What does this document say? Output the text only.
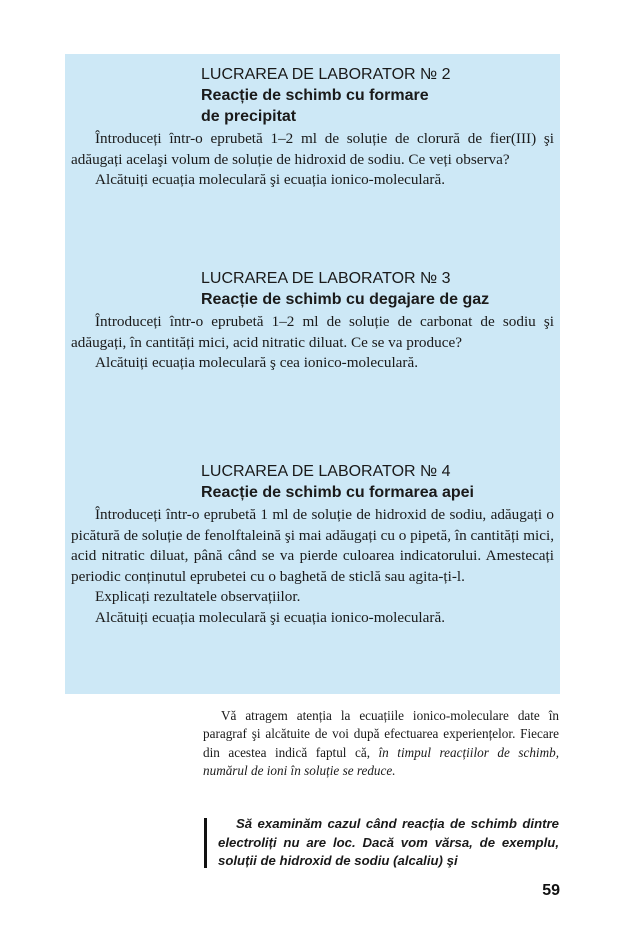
LUCRAREA DE LABORATOR № 2
Reacție de schimb cu formare
de precipitat

Întroduceți într-o eprubetă 1–2 ml de soluție de clorură de fier(III) şi adăugați acelaşi volum de soluție de hidroxid de sodiu. Ce veți observa?

Alcătuiți ecuația moleculară şi ecuația ionico-moleculară.

LUCRAREA DE LABORATOR № 3
Reacție de schimb cu degajare de gaz

Întroduceți într-o eprubetă 1–2 ml de soluție de carbonat de sodiu şi adăugați, în cantități mici, acid nitratic diluat. Ce se va produce?

Alcătuiți ecuația moleculară ş cea ionico-moleculară.

LUCRAREA DE LABORATOR № 4
Reacție de schimb cu formarea apei

Întroduceți într-o eprubetă 1 ml de soluție de hidroxid de sodiu, adăugați o picătură de soluție de fenolftaleină şi mai adăugați cu o pipetă, în cantități mici, acid nitratic diluat, până când se va pierde culoarea indicatorului. Amestecați periodic conținutul eprubetei cu o baghetă de sticlă sau agita-ți-l.

Explicați rezultatele observațiilor.

Alcătuiți ecuația moleculară şi ecuația ionico-moleculară.

Vă atragem atenția la ecuațiile ionico-moleculare date în paragraf şi alcătuite de voi după efectuarea experiențelor. Fiecare din acestea indică faptul că, în timpul reacțiilor de schimb, numărul de ioni în soluție se reduce.

Să examinăm cazul când reacția de schimb dintre electroliți nu are loc. Dacă vom vărsa, de exemplu, soluții de hidroxid de sodiu (alcaliu) şi

59
